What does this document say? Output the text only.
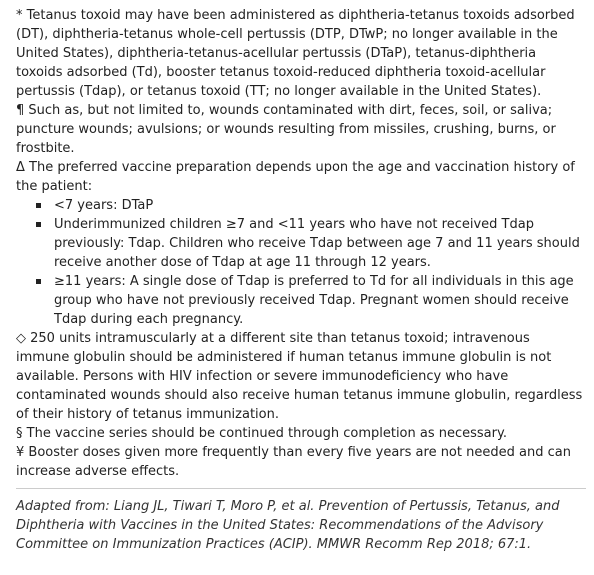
* Tetanus toxoid may have been administered as diphtheria-tetanus toxoids adsorbed (DT), diphtheria-tetanus whole-cell pertussis (DTP, DTwP; no longer available in the United States), diphtheria-tetanus-acellular pertussis (DTaP), tetanus-diphtheria toxoids adsorbed (Td), booster tetanus toxoid-reduced diphtheria toxoid-acellular pertussis (Tdap), or tetanus toxoid (TT; no longer available in the United States).

¶ Such as, but not limited to, wounds contaminated with dirt, feces, soil, or saliva; puncture wounds; avulsions; or wounds resulting from missiles, crushing, burns, or frostbite.

Δ The preferred vaccine preparation depends upon the age and vaccination history of the patient:

<7 years: DTaP
Underimmunized children ≥7 and <11 years who have not received Tdap previously: Tdap. Children who receive Tdap between age 7 and 11 years should receive another dose of Tdap at age 11 through 12 years.
≥11 years: A single dose of Tdap is preferred to Td for all individuals in this age group who have not previously received Tdap. Pregnant women should receive Tdap during each pregnancy.

◇ 250 units intramuscularly at a different site than tetanus toxoid; intravenous immune globulin should be administered if human tetanus immune globulin is not available. Persons with HIV infection or severe immunodeficiency who have contaminated wounds should also receive human tetanus immune globulin, regardless of their history of tetanus immunization.

§ The vaccine series should be continued through completion as necessary.

¥ Booster doses given more frequently than every five years are not needed and can increase adverse effects.

Adapted from: Liang JL, Tiwari T, Moro P, et al. Prevention of Pertussis, Tetanus, and Diphtheria with Vaccines in the United States: Recommendations of the Advisory Committee on Immunization Practices (ACIP). MMWR Recomm Rep 2018; 67:1.
